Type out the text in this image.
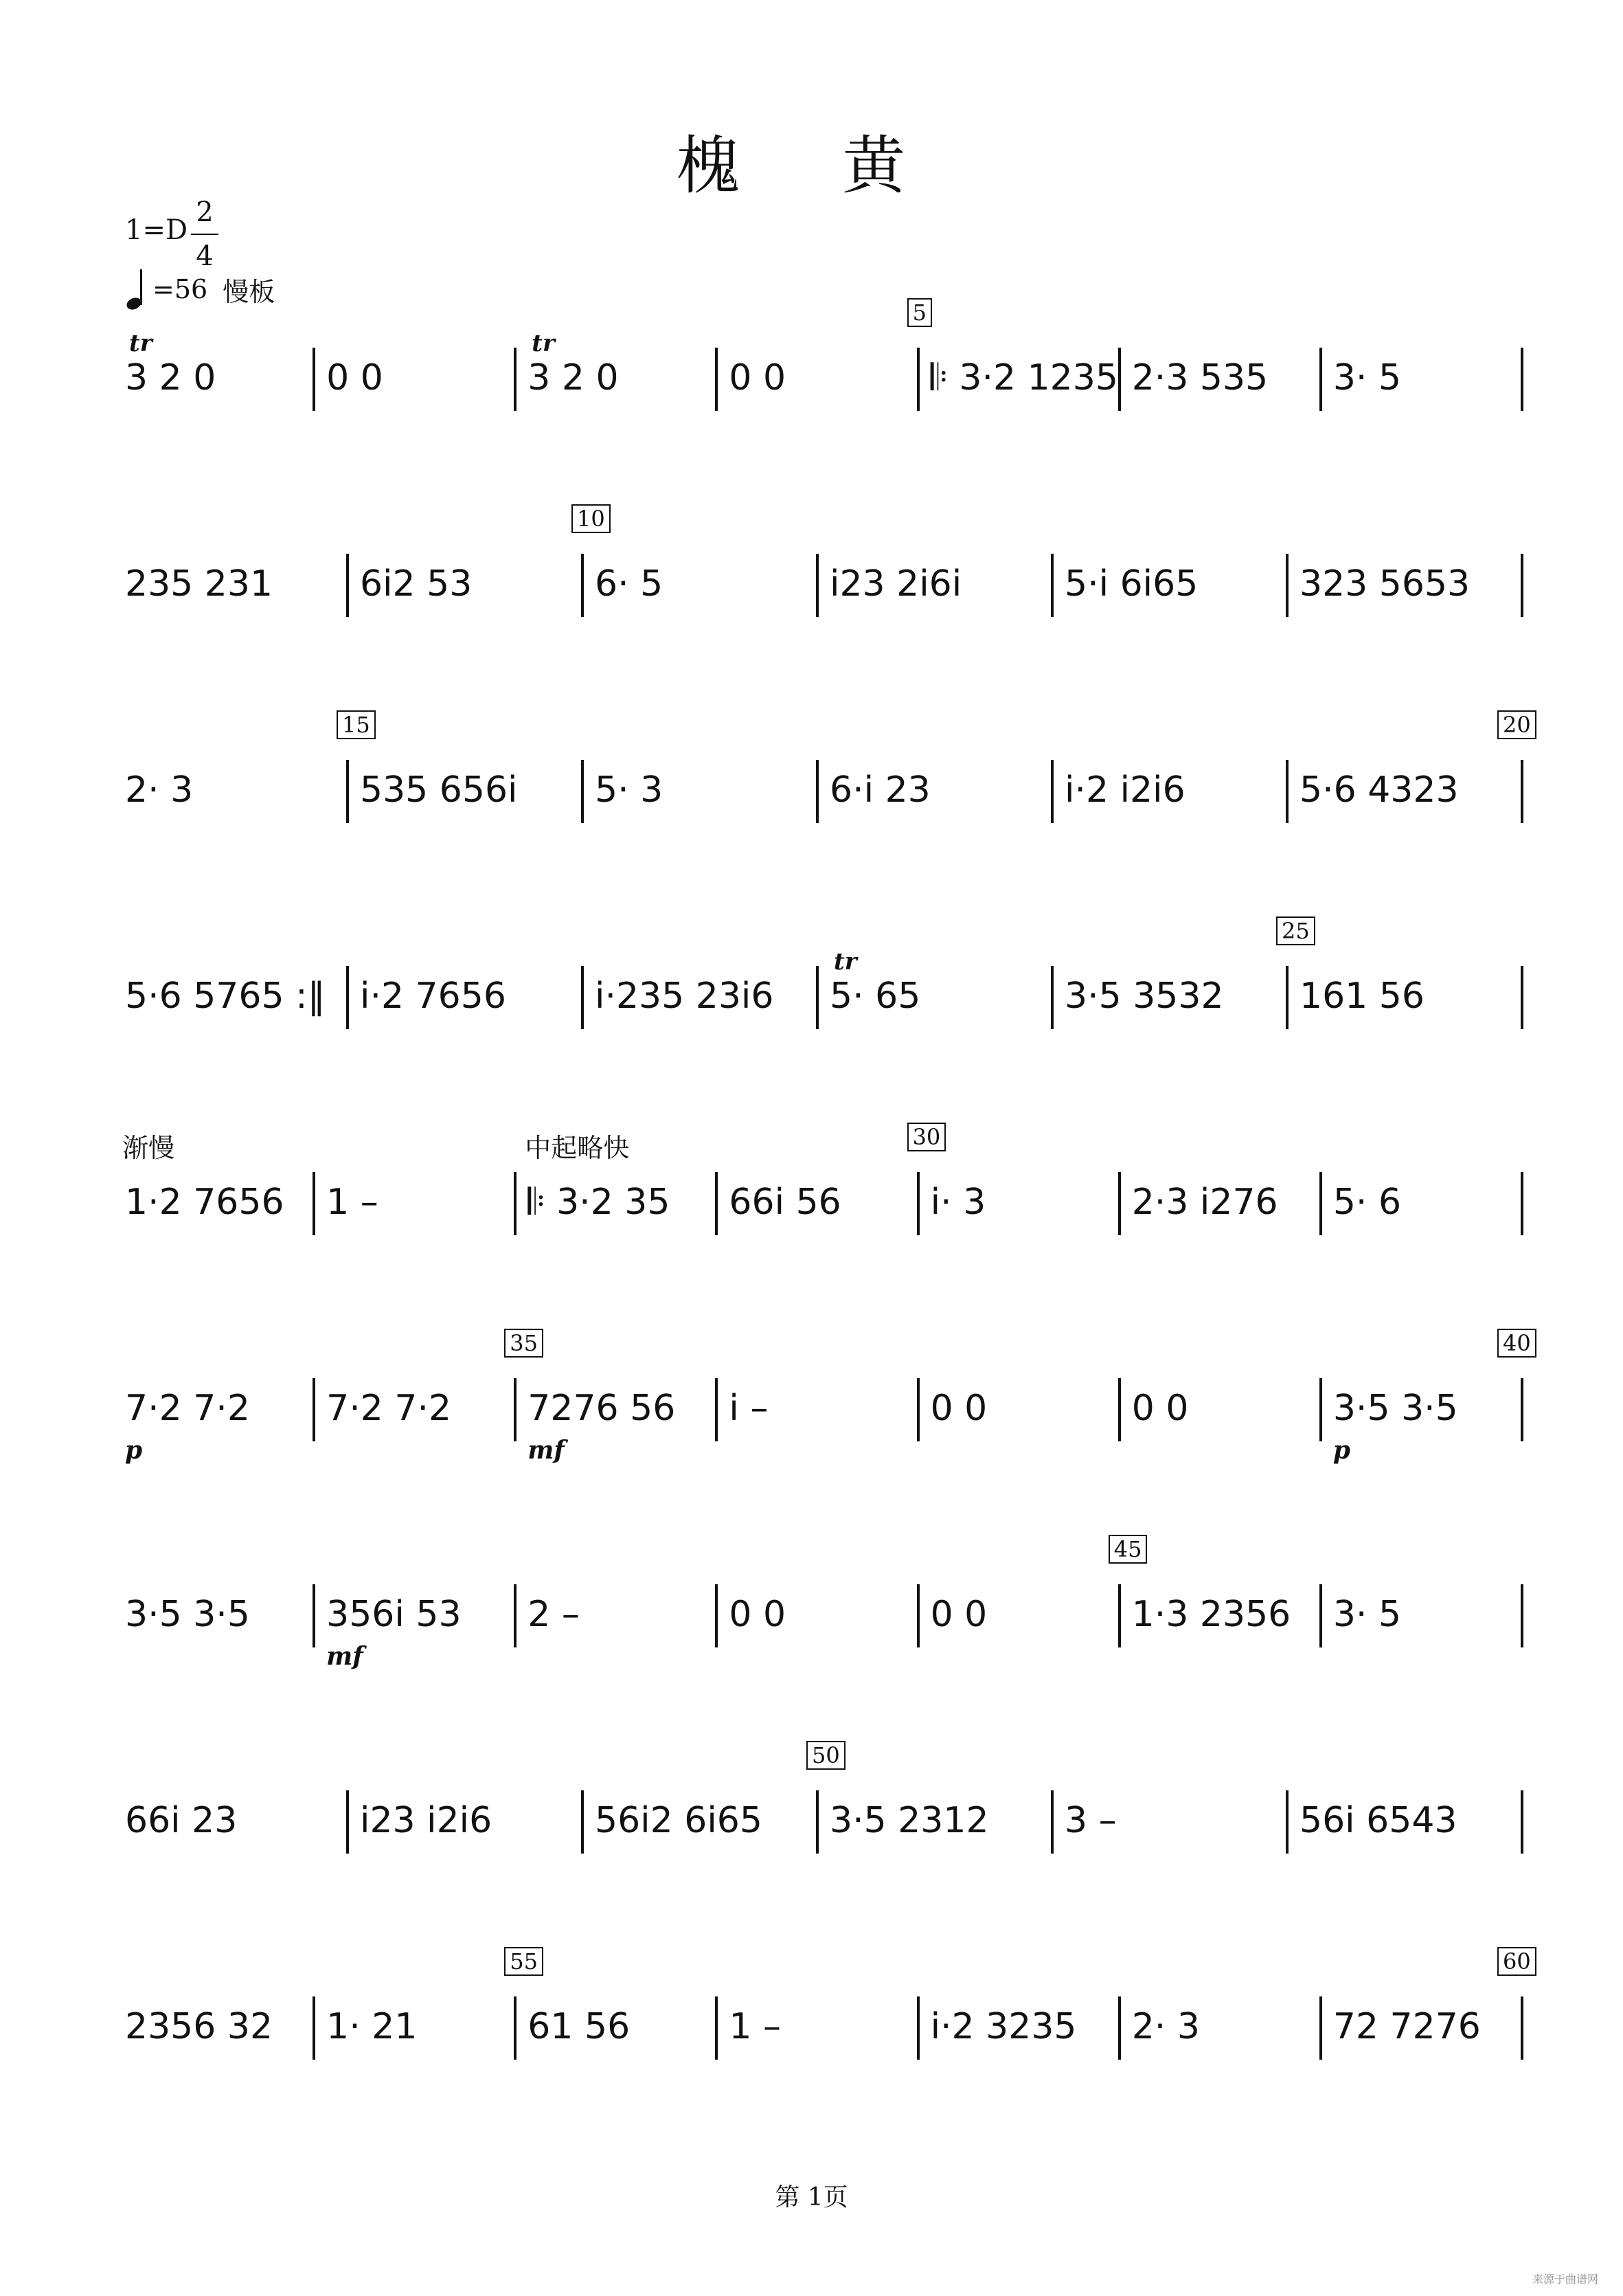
槐 黄
1=D
2
4
=56 慢板
3 2 0	0 0	3 2 0	0 0	𝄆 3·2 1235 2·3 535 3· 5
5
tr	tr
235 231 6i2 53	6· 5	i23 2i6i	5·i 6i65	323 5653
10
2· 3	535 656i 5· 3	6·i 23	i·2 i2i6	5·6 4323
15	20
5·6 5765 :‖ i·2 7656 i·235 23i6 5· 65	3·5 3532 161 56
25
tr
1·2 7656 1 –	𝄆 3·2 35 66i 56 i· 3	2·3 i276 5· 6
30
渐慢	中起略快
7·2 7·2 7·2 7·2 7276 56 i –	0 0	0 0	3·5 3·5
35	40
p	mf	p
3·5 3·5 356i 53 2 –	0 0	0 0	1·3 2356 3· 5
45
mf
66i 23	i23 i2i6	56i2 6i65 3·5 2312 3 –	56i 6543
50
2356 32 1· 21	61 56	1 –	i·2 3235 2· 3	72 7276
55	60
第 1页
来源于曲谱网
